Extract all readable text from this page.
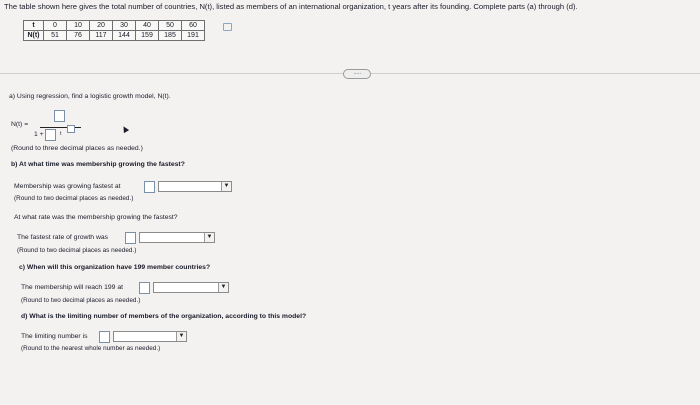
The table shown here gives the total number of countries, N(t), listed as members of an international organization, t years after its founding. Complete parts (a) through (d).
t	0	10	20	30	40	50	60
N(t)	51	76	117	144	159	185	191
·····
a) Using regression, find a logistic growth model, N(t).
N(t) =
1 +	t
(Round to three decimal places as needed.)
b) At what time was membership growing the fastest?
Membership was growing fastest at	▼
(Round to two decimal places as needed.)
At what rate was the membership growing the fastest?
The fastest rate of growth was	▼
(Round to two decimal places as needed.)
c) When will this organization have 199 member countries?
The membership will reach 199 at	▼
(Round to two decimal places as needed.)
d) What is the limiting number of members of the organization, according to this model?
The limiting number is	▼
(Round to the nearest whole number as needed.)
